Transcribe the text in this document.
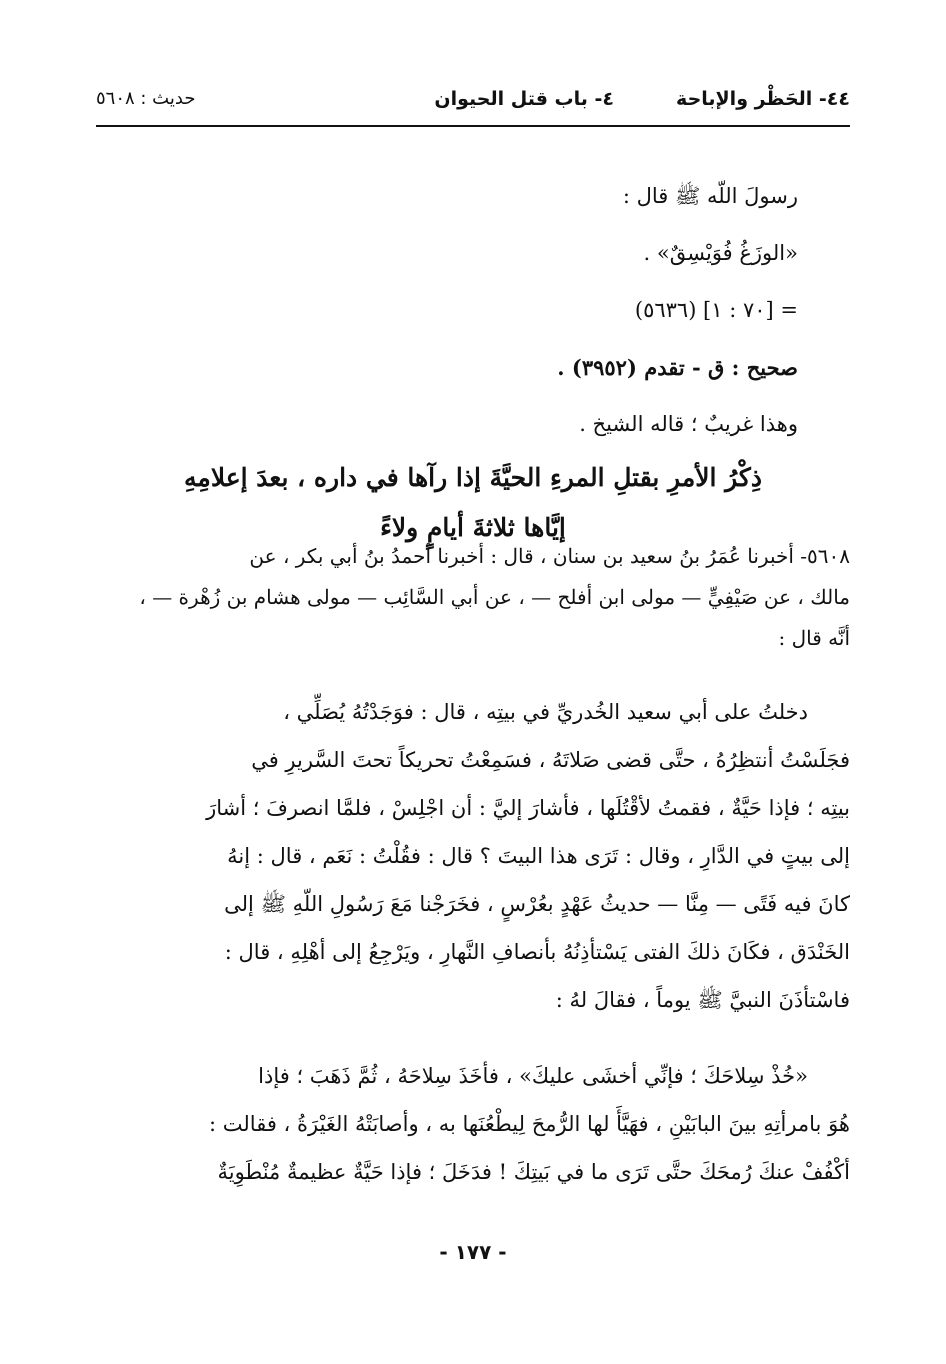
٤٤- الحَظْر والإباحة
٤- باب قتل الحيوان
حديث : ٥٦٠٨
رسولَ اللّه ﷺ قال :
«الوزَغُ فُوَيْسِقٌ» .
= [٧٠ : ١] (٥٦٣٦)
صحيح : ق - تقدم (٣٩٥٢) .
وهذا غريبٌ ؛ قاله الشيخ .
ذِكْرُ الأمرِ بقتلِ المرءِ الحيَّةَ إذا رآها في داره ، بعدَ إعلامِهِ
إيَّاها ثلاثةَ أيامٍ ولاءً
٥٦٠٨- أخبرنا عُمَرُ بنُ سعيد بن سنان ، قال : أخبرنا أحمدُ بنُ أبي بكر ، عن
مالك ، عن صَيْفِيٍّ — مولى ابن أفلح — ، عن أبي السَّائِب — مولى هشام بن زُهْرة — ،
أنَّه قال :
دخلتُ على أبي سعيد الخُدريِّ في بيتِه ، قال : فوَجَدْتُهُ يُصَلِّي ،
فجَلَسْتُ أنتظِرُهُ ، حتَّى قضى صَلاتَهُ ، فسَمِعْتُ تحريكاً تحتَ السَّريرِ في
بيتِه ؛ فإذا حَيَّةٌ ، فقمتُ لأقْتُلَها ، فأشارَ إليَّ : أن اجْلِسْ ، فلمَّا انصرفَ ؛ أشارَ
إلى بيتٍ في الدَّارِ ، وقال : تَرَى هذا البيتَ ؟ قال : فقُلْتُ : نَعَم ، قال : إنهُ
كانَ فيه فَتًى — مِنَّا — حديثُ عَهْدٍ بعُرْسٍ ، فخَرَجْنا مَعَ رَسُولِ اللّهِ ﷺ إلى
الخَنْدَق ، فكَانَ ذلكَ الفتى يَسْتأذِنُهُ بأنصافِ النَّهارِ ، ويَرْجِعُ إلى أهْلِهِ ، قال :
فاسْتأذَنَ النبيَّ ﷺ يوماً ، فقالَ لهُ :
«خُذْ سِلاحَكَ ؛ فإنِّي أخشَى عليكَ» ، فأخَذَ سِلاحَهُ ، ثُمَّ ذَهَبَ ؛ فإذا
هُوَ بامرأتِهِ بينَ البابَيْنِ ، فهَيَّأَ لها الرُّمحَ لِيطْعُنَها به ، وأصابَتْهُ الغَيْرَةُ ، فقالت :
أكْفُفْ عنكَ رُمحَكَ حتَّى تَرَى ما في بَيتِكَ ! فدَخَلَ ؛ فإذا حَيَّةٌ عظيمةٌ مُنْطَوِيَةٌ
- ١٧٧ -
